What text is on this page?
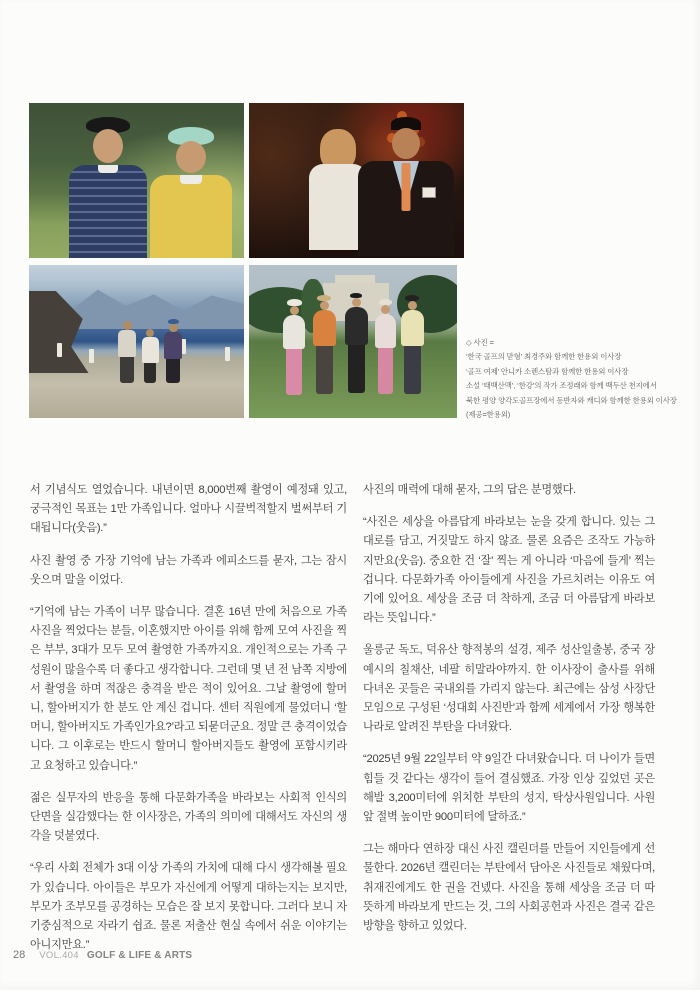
◇ 사진 =
‘한국 골프의 맏형’ 최경주와 함께한 한용외 이사장
‘골프 여제’ 안니카 소렌스탐과 함께한 한용외 이사장
소설 ‘태백산맥’, ‘한강’의 작가 조정래와 함께 백두산 천지에서
북한 평양 양각도골프장에서 동반자와 캐디와 함께한 한용외 이사장
(제공=한용외)

서 기념식도 열었습니다. 내년이면 8,000번째 촬영이 예정돼 있고, 궁극적인 목표는 1만 가족입니다. 얼마나 시끌벅적할지 벌써부터 기대됩니다(웃음).”

사진 촬영 중 가장 기억에 남는 가족과 에피소드를 묻자, 그는 잠시 웃으며 말을 이었다.

“기억에 남는 가족이 너무 많습니다. 결혼 16년 만에 처음으로 가족사진을 찍었다는 분들, 이혼했지만 아이를 위해 함께 모여 사진을 찍은 부부, 3대가 모두 모여 촬영한 가족까지요. 개인적으로는 가족 구성원이 많을수록 더 좋다고 생각합니다. 그런데 몇 년 전 남쪽 지방에서 촬영을 하며 적잖은 충격을 받은 적이 있어요. 그날 촬영에 할머니, 할아버지가 한 분도 안 계신 겁니다. 센터 직원에게 물었더니 ‘할머니, 할아버지도 가족인가요?’라고 되묻더군요. 정말 큰 충격이었습니다. 그 이후로는 반드시 할머니 할아버지들도 촬영에 포함시키라고 요청하고 있습니다.”

젊은 실무자의 반응을 통해 다문화가족을 바라보는 사회적 인식의 단면을 실감했다는 한 이사장은, 가족의 의미에 대해서도 자신의 생각을 덧붙였다.

“우리 사회 전체가 3대 이상 가족의 가치에 대해 다시 생각해볼 필요가 있습니다. 아이들은 부모가 자신에게 어떻게 대하는지는 보지만, 부모가 조부모를 공경하는 모습은 잘 보지 못합니다. 그러다 보니 자기중심적으로 자라기 쉽죠. 물론 저출산 현실 속에서 쉬운 이야기는 아니지만요.”

사진의 매력에 대해 묻자, 그의 답은 분명했다.

“사진은 세상을 아름답게 바라보는 눈을 갖게 합니다. 있는 그대로를 담고, 거짓말도 하지 않죠. 물론 요즘은 조작도 가능하지만요(웃음). 중요한 건 ‘잘’ 찍는 게 아니라 ‘마음에 들게’ 찍는 겁니다. 다문화가족 아이들에게 사진을 가르치려는 이유도 여기에 있어요. 세상을 조금 더 착하게, 조금 더 아름답게 바라보라는 뜻입니다.”

울릉군 독도, 덕유산 향적봉의 설경, 제주 성산일출봉, 중국 장예시의 칠채산, 네팔 히말라야까지. 한 이사장이 출사를 위해 다녀온 곳들은 국내외를 가리지 않는다. 최근에는 삼성 사장단 모임으로 구성된 ‘성대회 사진반’과 함께 세계에서 가장 행복한 나라로 알려진 부탄을 다녀왔다.

“2025년 9월 22일부터 약 9일간 다녀왔습니다. 더 나이가 들면 힘들 것 같다는 생각이 들어 결심했죠. 가장 인상 깊었던 곳은 해발 3,200미터에 위치한 부탄의 성지, 탁상사원입니다. 사원 앞 절벽 높이만 900미터에 달하죠.”

그는 해마다 연하장 대신 사진 캘린더를 만들어 지인들에게 선물한다. 2026년 캘린더는 부탄에서 담아온 사진들로 채웠다며, 취재진에게도 한 권을 건넸다. 사진을 통해 세상을 조금 더 따뜻하게 바라보게 만드는 것, 그의 사회공헌과 사진은 결국 같은 방향을 향하고 있었다.

28 VOL.404 GOLF & LIFE & ARTS
